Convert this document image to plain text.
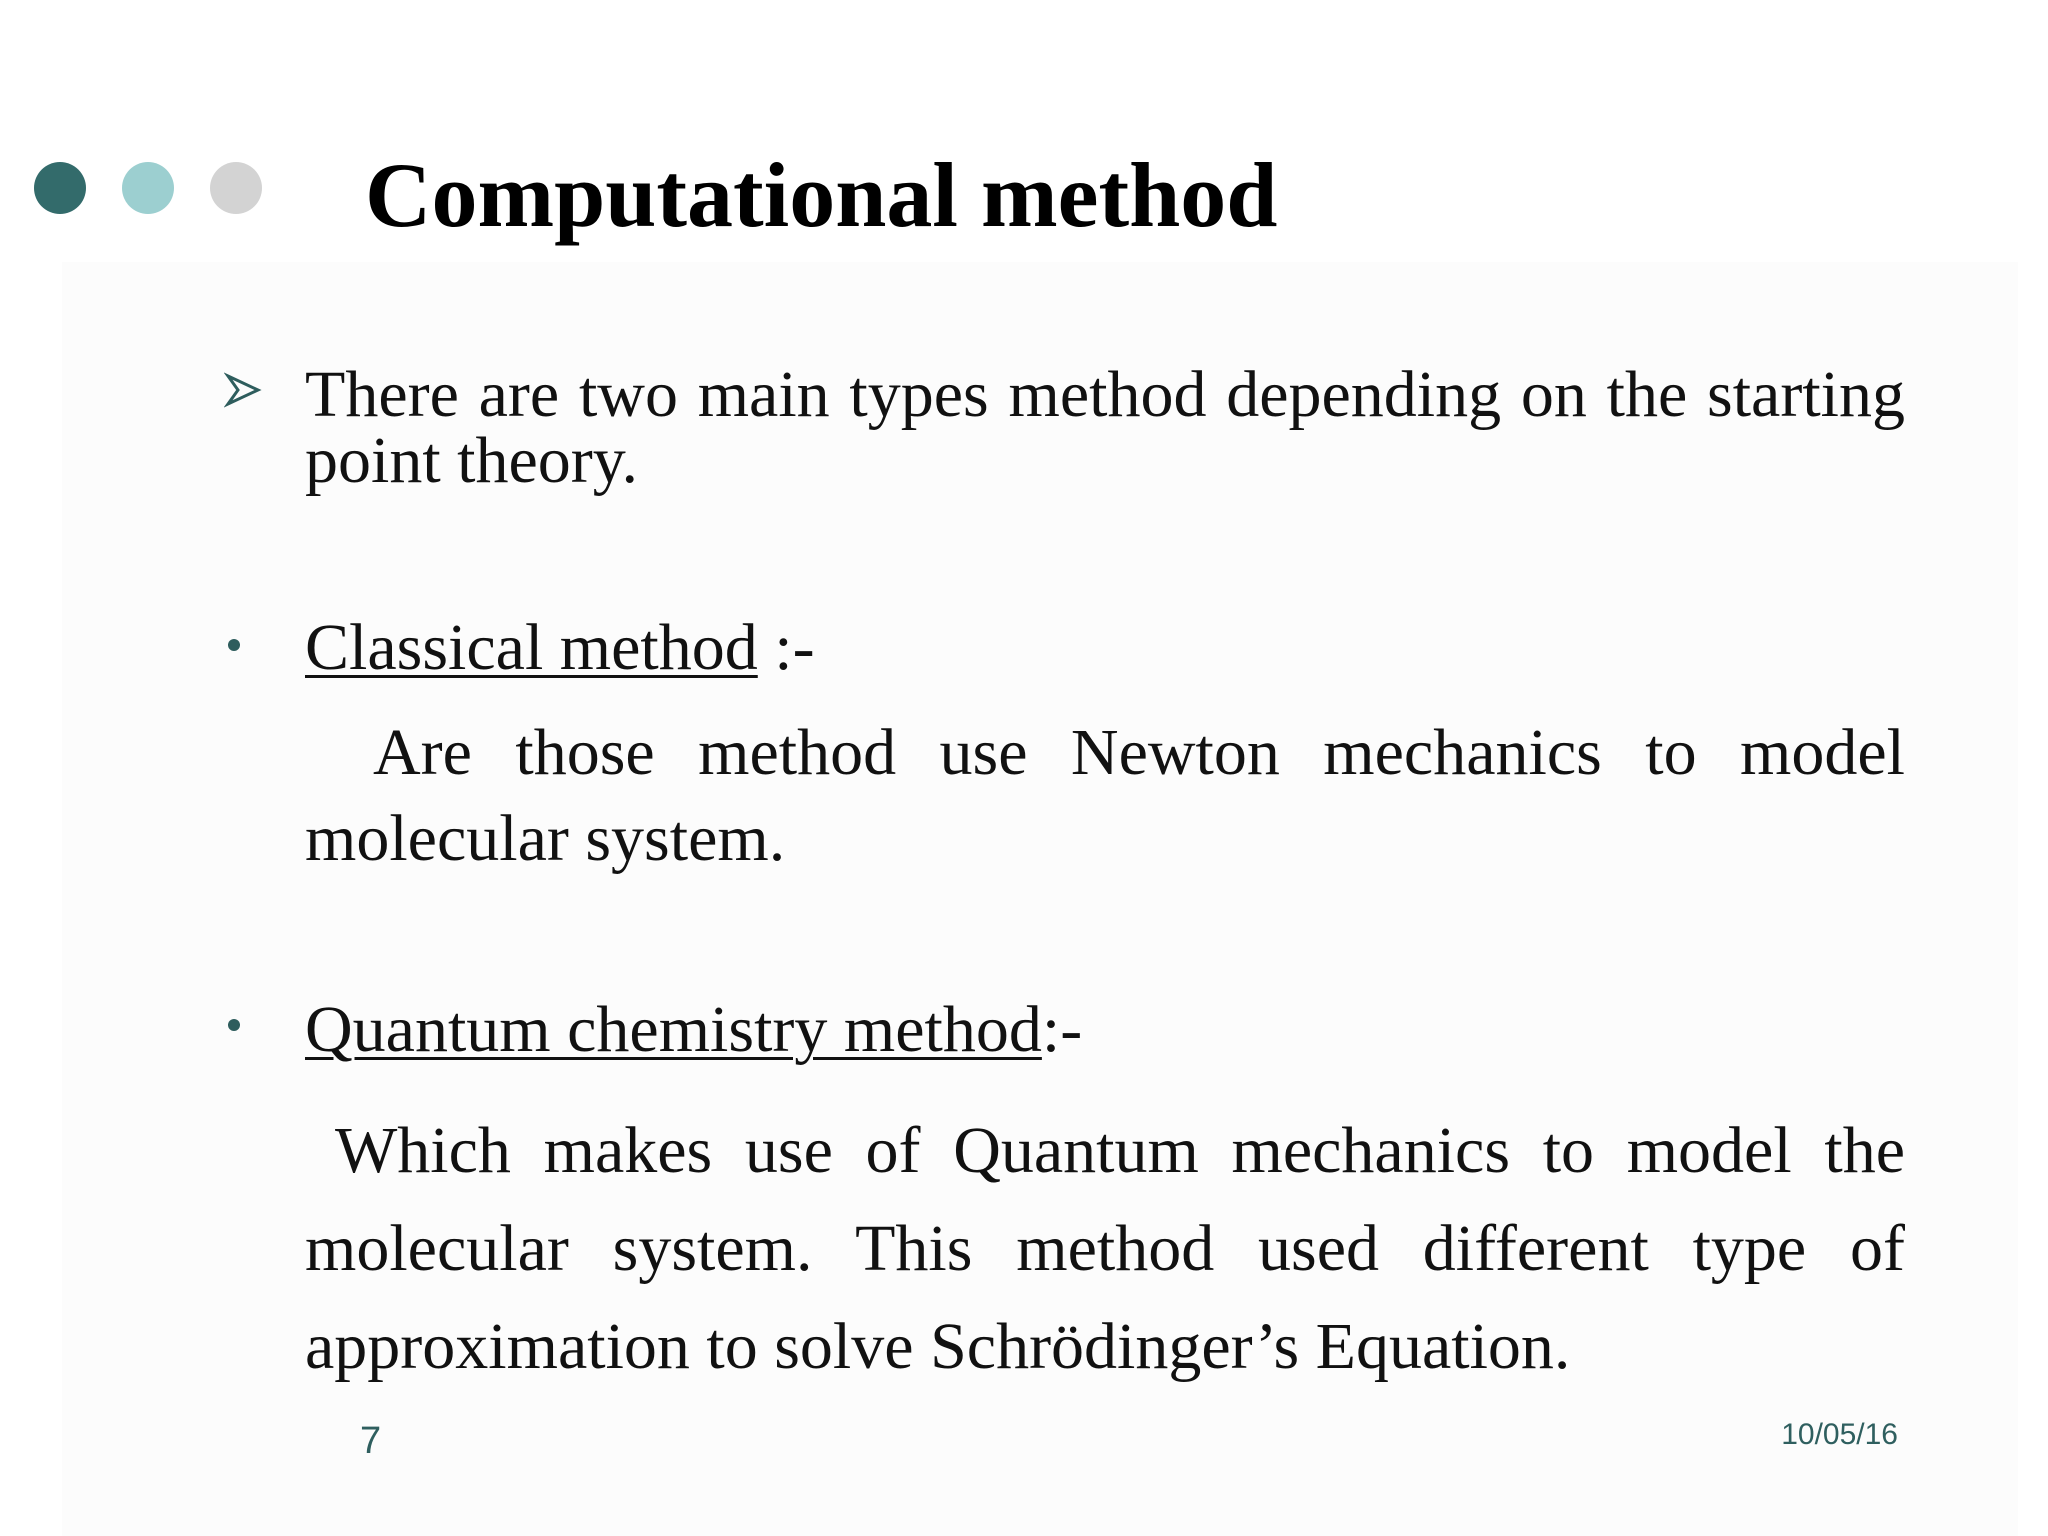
Computational method
There are two main types method depending on the starting point theory.
Classical method :-
Are those method use Newton mechanics to model molecular system.
Quantum chemistry method:-
Which makes use of Quantum mechanics to model the molecular system. This method used different type of approximation to solve Schrödinger’s Equation.
7	10/05/16
